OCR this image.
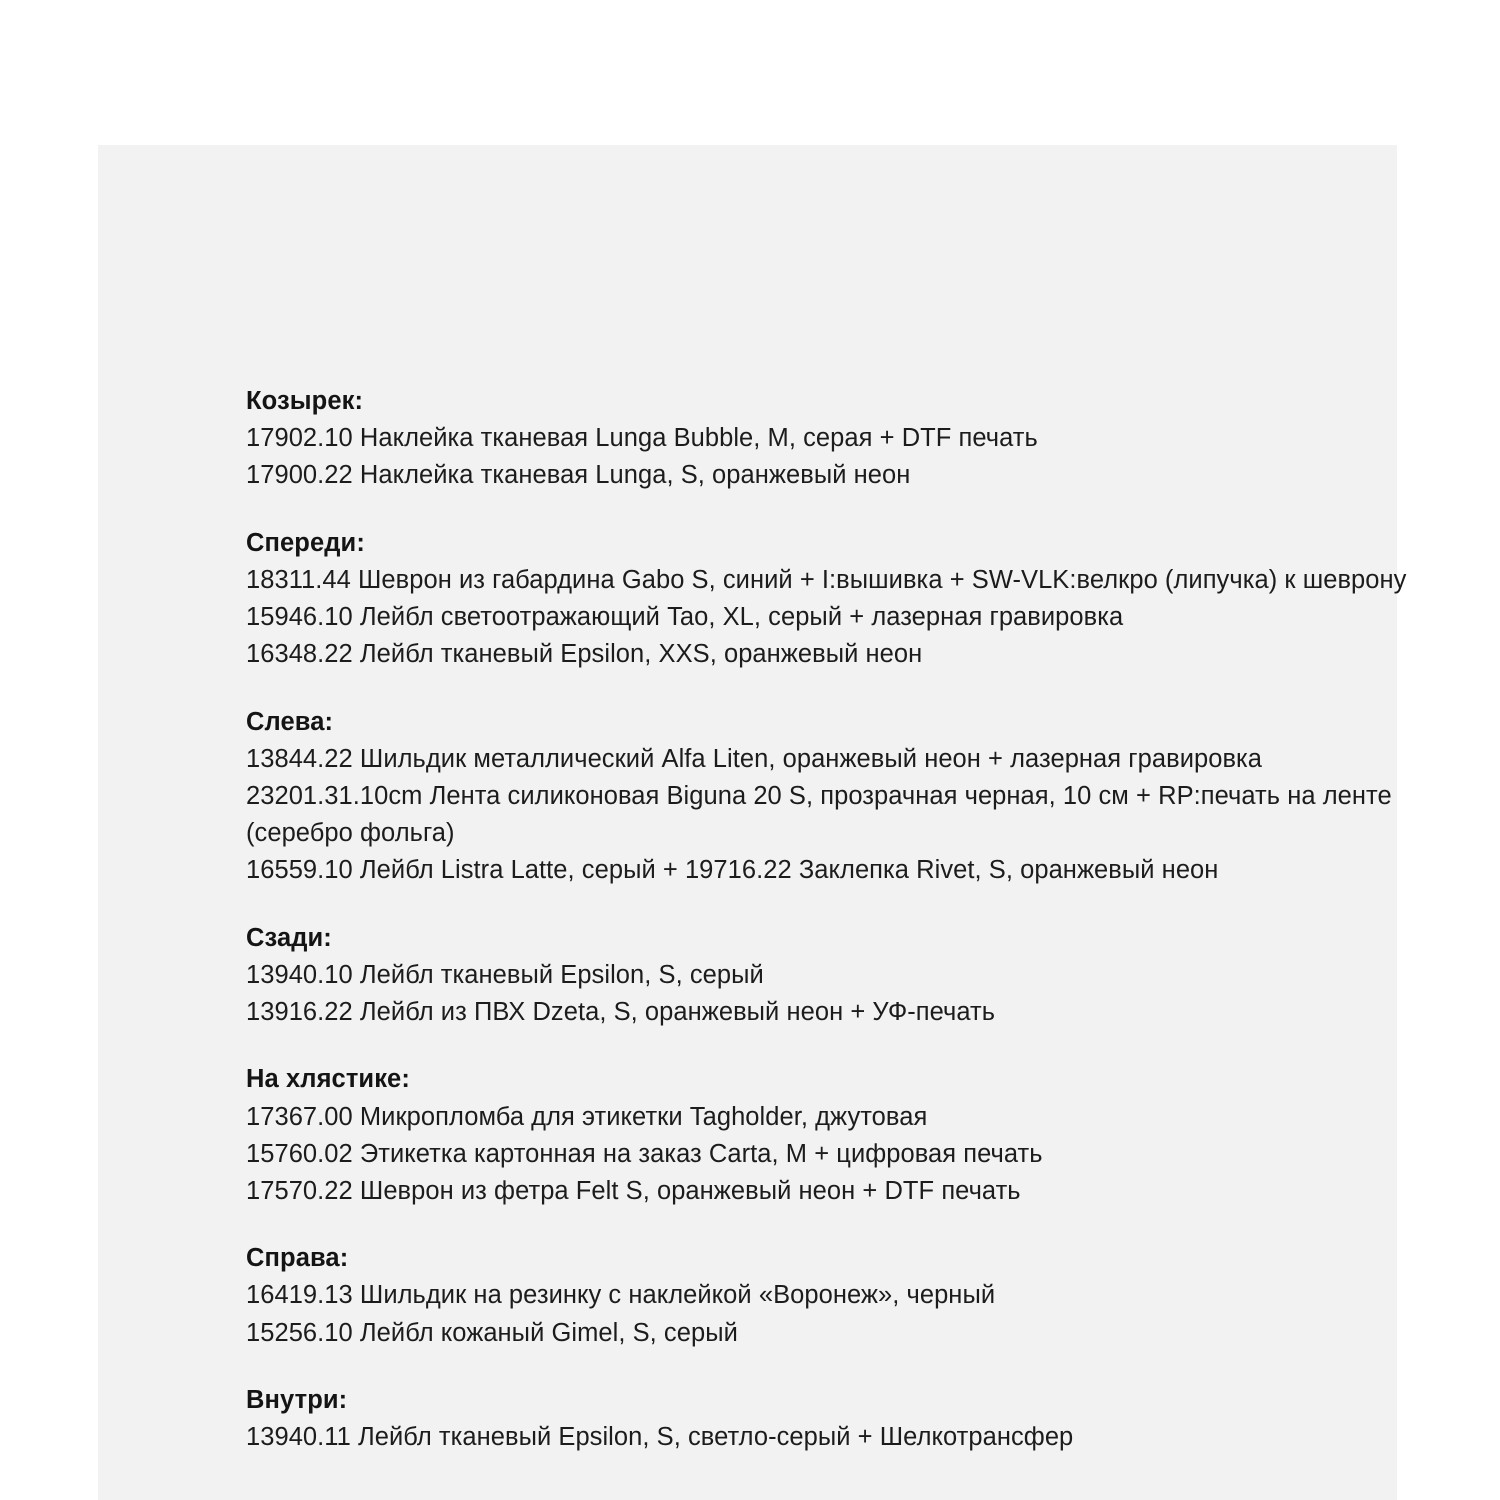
Козырек:
17902.10 Наклейка тканевая Lunga Bubble, M, серая + DTF печать
17900.22 Наклейка тканевая Lunga, S, оранжевый неон
Спереди:
18311.44 Шеврон из габардина Gabo S, синий + I:вышивка + SW-VLK:велкро (липучка) к шеврону
15946.10 Лейбл светоотражающий Tao, XL, серый + лазерная гравировка
16348.22 Лейбл тканевый Epsilon, XXS, оранжевый неон
Слева:
13844.22 Шильдик металлический Alfa Liten, оранжевый неон + лазерная гравировка
23201.31.10cm Лента силиконовая Biguna 20 S, прозрачная черная, 10 см + RP:печать на ленте (серебро фольга)
16559.10 Лейбл Listra Latte, серый + 19716.22 Заклепка Rivet, S, оранжевый неон
Сзади:
13940.10 Лейбл тканевый Epsilon, S, серый
13916.22 Лейбл из ПВХ Dzeta, S, оранжевый неон + УФ-печать
На хлястике:
17367.00 Микропломба для этикетки Tagholder, джутовая
15760.02 Этикетка картонная на заказ Carta, M + цифровая печать
17570.22 Шеврон из фетра Felt S, оранжевый неон + DTF печать
Справа:
16419.13 Шильдик на резинку с наклейкой «Воронеж», черный
15256.10 Лейбл кожаный Gimel, S, серый
Внутри:
13940.11 Лейбл тканевый Epsilon, S, светло-серый + Шелкотрансфер
